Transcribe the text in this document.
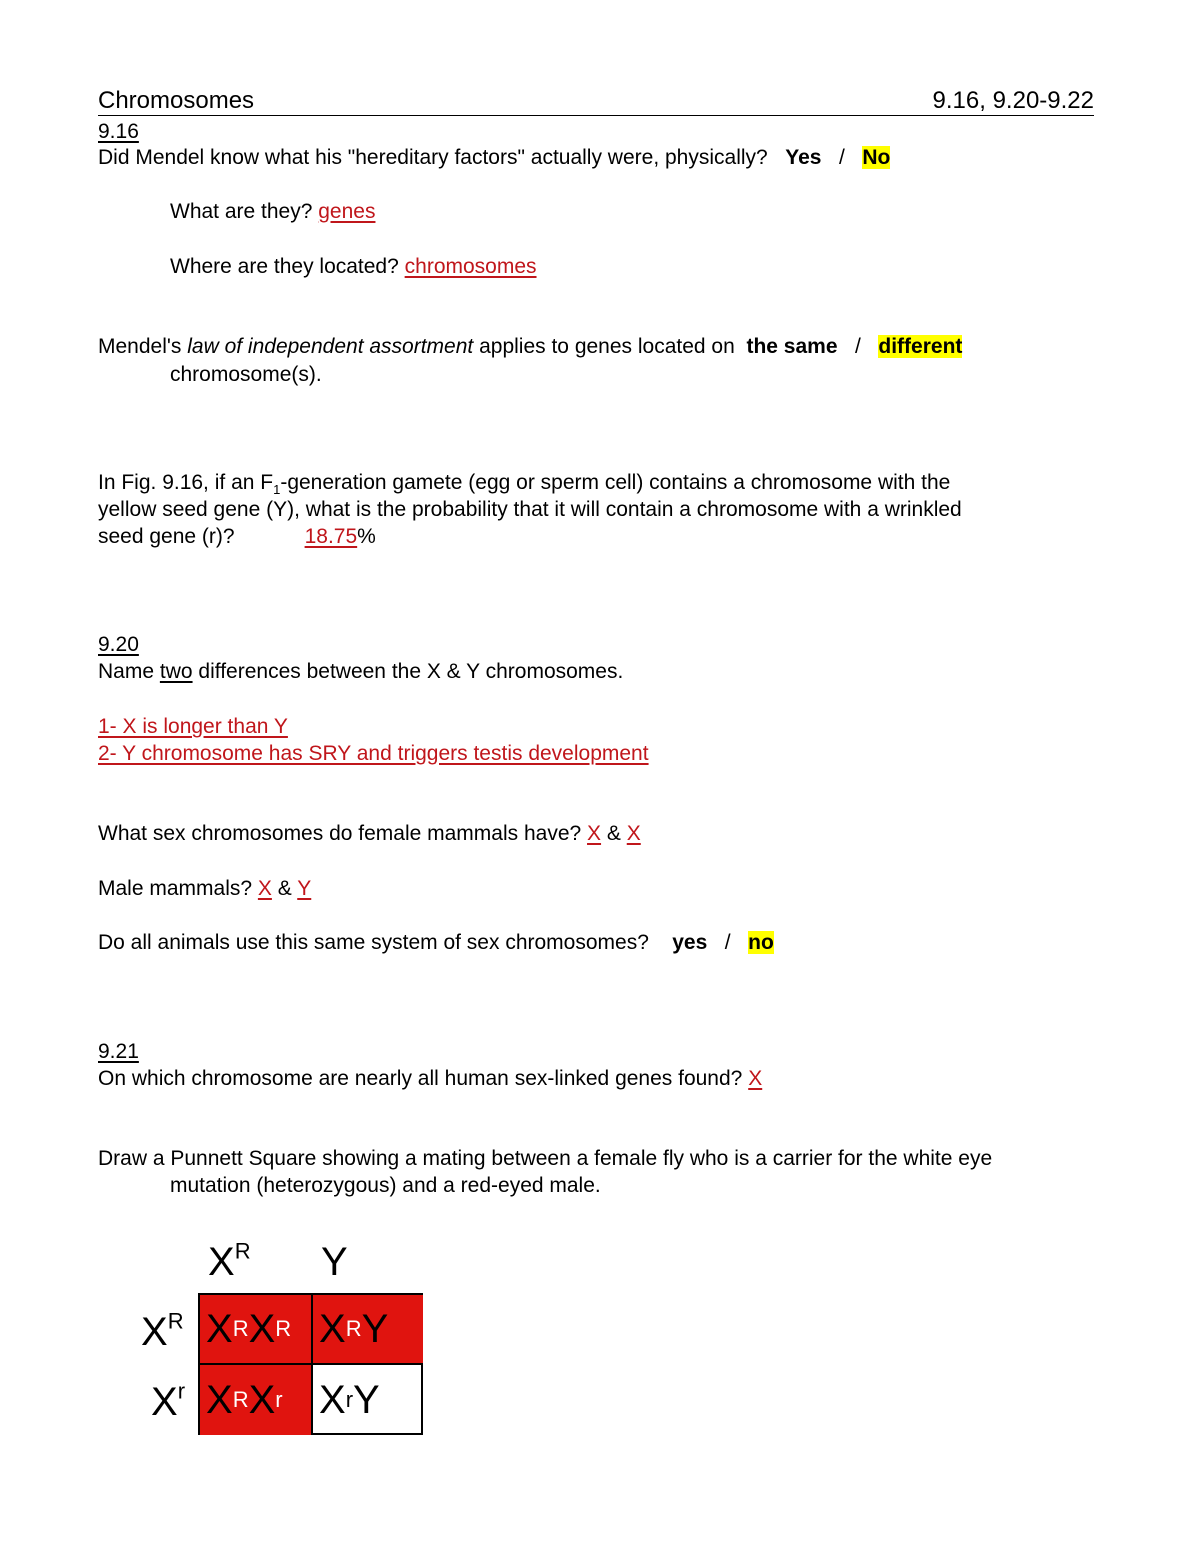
Chromosomes	9.16, 9.20-9.22
9.16
Did Mendel know what his "hereditary factors" actually were, physically? Yes / No
What are they? genes
Where are they located? chromosomes
Mendel's law of independent assortment applies to genes located on the same / different
chromosome(s).
In Fig. 9.16, if an $F_1$-generation gamete (egg or sperm cell) contains a chromosome with the
yellow seed gene (Y), what is the probability that it will contain a chromosome with a wrinkled
seed gene (r)?	18.75%
9.20
Name two differences between the X & Y chromosomes.
1- X is longer than Y
2- Y chromosome has SRY and triggers testis development
What sex chromosomes do female mammals have? X & X
Male mammals? X & Y
Do all animals use this same system of sex chromosomes? yes / no
9.21
On which chromosome are nearly all human sex-linked genes found? X
Draw a Punnett Square showing a mating between a female fly who is a carrier for the white eye
mutation (heterozygous) and a red-eyed male.
$X^R$ Y
$X^R$
$X^r$
X R X R X R Y
X R X r X r Y
